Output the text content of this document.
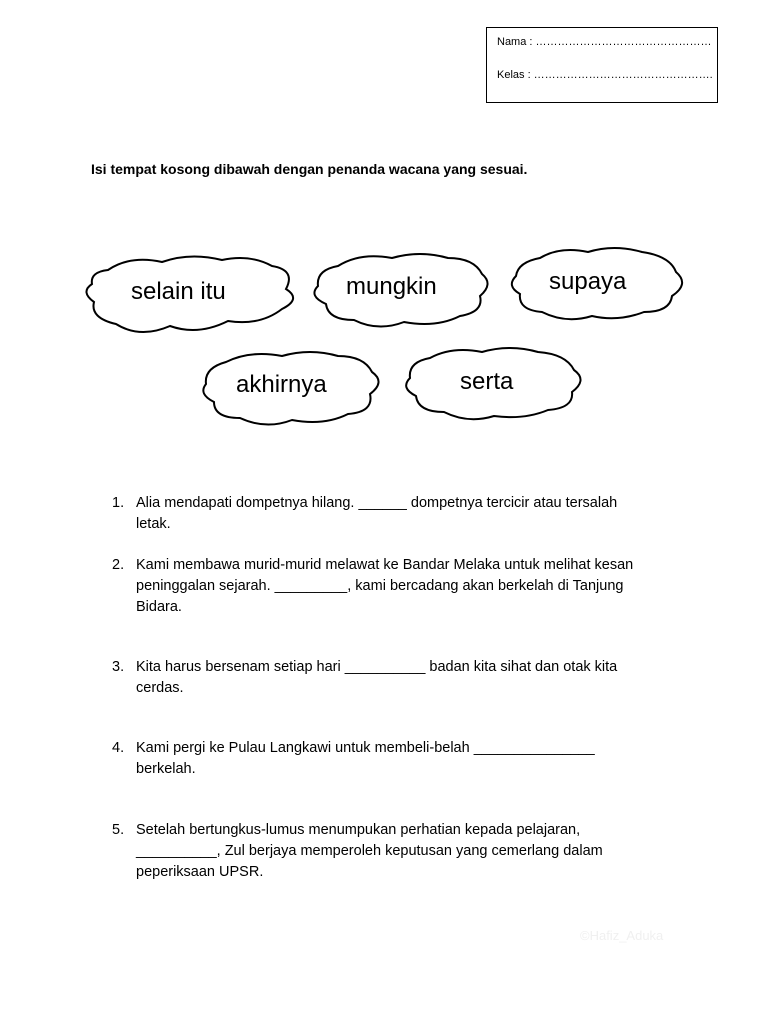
Nama : …………………………………………
Kelas : ………………………………………….
Isi tempat kosong dibawah dengan penanda wacana yang sesuai.
selain itu	mungkin	supaya
akhirnya	serta
1. Alia mendapati dompetnya hilang. ______ dompetnya tercicir atau tersalah
letak.
2. Kami membawa murid-murid melawat ke Bandar Melaka untuk melihat kesan
peninggalan sejarah. _________, kami bercadang akan berkelah di Tanjung
Bidara.
3. Kita harus bersenam setiap hari __________ badan kita sihat dan otak kita
cerdas.
4. Kami pergi ke Pulau Langkawi untuk membeli-belah _______________
berkelah.
5. Setelah bertungkus-lumus menumpukan perhatian kepada pelajaran,
__________, Zul berjaya memperoleh keputusan yang cemerlang dalam
peperiksaan UPSR.
©Hafiz_Aduka
